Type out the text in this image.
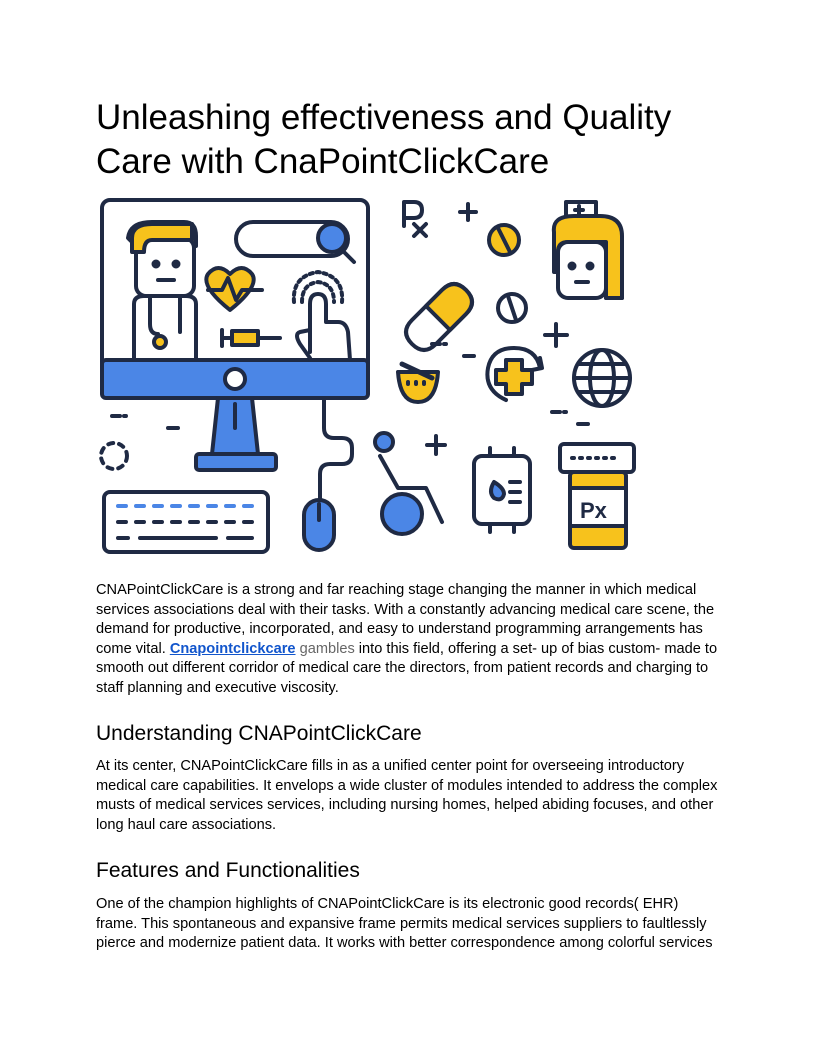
Unleashing effectiveness and Quality Care with CnaPointClickCare
Px

CNAPointClickCare is a strong and far reaching stage changing the manner in which medical services associations deal with their tasks. With a constantly advancing medical care scene, the demand for productive, incorporated, and easy to understand programming arrangements has come vital. Cnapointclickcare gambles into this field, offering a set- up of bias custom- made to smooth out different corridor of medical care the directors, from patient records and charging to staff planning and executive viscosity.

Understanding CNAPointClickCare

At its center, CNAPointClickCare fills in as a unified center point for overseeing introductory medical care capabilities. It envelops a wide cluster of modules intended to address the complex musts of medical services services, including nursing homes, helped abiding focuses, and other long haul care associations.

Features and Functionalities

One of the champion highlights of CNAPointClickCare is its electronic good records( EHR) frame. This spontaneous and expansive frame permits medical services suppliers to faultlessly pierce and modernize patient data. It works with better correspondence among colorful services
